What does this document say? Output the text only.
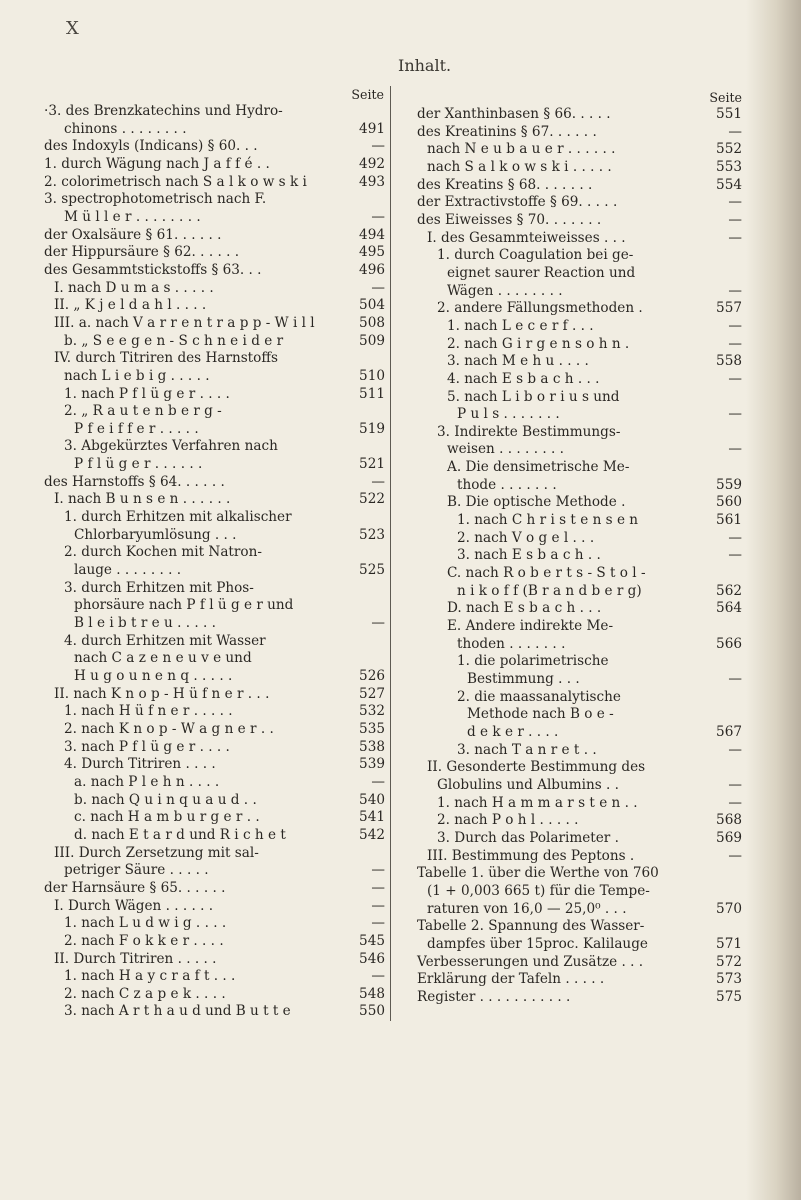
X
Inhalt.
Seite
·3. des Brenzkatechins und Hydro-
chinons . . . . . . . .	491
des Indoxyls (Indicans) § 60. . .	—
1. durch Wägung nach J a f f é . .	492
2. colorimetrisch nach S a l k o w s k i	493
3. spectrophotometrisch nach F.
M ü l l e r . . . . . . . .	—
der Oxalsäure § 61. . . . . .	494
der Hippursäure § 62. . . . . .	495
des Gesammtstickstoffs § 63. . .	496
I. nach D u m a s . . . . .	—
II. „ K j e l d a h l . . . .	504
III. a. nach V a r r e n t r a p p - W i l l	508
b. „ S e e g e n - S c h n e i d e r	509
IV. durch Titriren des Harnstoffs
nach L i e b i g . . . . .	510
1. nach P f l ü g e r . . . .	511
2. „ R a u t e n b e r g -
P f e i f f e r . . . . .	519
3. Abgekürztes Verfahren nach
P f l ü g e r . . . . . .	521
des Harnstoffs § 64. . . . . .	—
I. nach B u n s e n . . . . . .	522
1. durch Erhitzen mit alkalischer
Chlorbaryumlösung . . .	523
2. durch Kochen mit Natron-
lauge . . . . . . . .	525
3. durch Erhitzen mit Phos-
phorsäure nach P f l ü g e r und
B l e i b t r e u . . . . .	—
4. durch Erhitzen mit Wasser
nach C a z e n e u v e und
H u g o u n e n q . . . . .	526
II. nach K n o p - H ü f n e r . . .	527
1. nach H ü f n e r . . . . .	532
2. nach K n o p - W a g n e r . .	535
3. nach P f l ü g e r . . . .	538
4. Durch Titriren . . . .	539
a. nach P l e h n . . . .	—
b. nach Q u i n q u a u d . .	540
c. nach H a m b u r g e r . .	541
d. nach E t a r d und R i c h e t	542
III. Durch Zersetzung mit sal-
petriger Säure . . . . .	—
der Harnsäure § 65. . . . . .	—
I. Durch Wägen . . . . . .	—
1. nach L u d w i g . . . .	—
2. nach F o k k e r . . . .	545
II. Durch Titriren . . . . .	546
1. nach H a y c r a f t . . .	—
2. nach C z a p e k . . . .	548
3. nach A r t h a u d und B u t t e	550
Seite
der Xanthinbasen § 66. . . . .	551
des Kreatinins § 67. . . . . .	—
nach N e u b a u e r . . . . . .	552
nach S a l k o w s k i . . . . .	553
des Kreatins § 68. . . . . . .	554
der Extractivstoffe § 69. . . . .	—
des Eiweisses § 70. . . . . . .	—
I. des Gesammteiweisses . . .	—
1. durch Coagulation bei ge-
eignet saurer Reaction und
Wägen . . . . . . . .	—
2. andere Fällungsmethoden .	557
1. nach L e c e r f . . .	—
2. nach G i r g e n s o h n .	—
3. nach M e h u . . . .	558
4. nach E s b a c h . . .	—
5. nach L i b o r i u s und
P u l s . . . . . . .	—
3. Indirekte Bestimmungs-
weisen . . . . . . . .	—
A. Die densimetrische Me-
thode . . . . . . .	559
B. Die optische Methode .	560
1. nach C h r i s t e n s e n	561
2. nach V o g e l . . .	—
3. nach E s b a c h . .	—
C. nach R o b e r t s - S t o l -
n i k o f f (B r a n d b e r g)	562
D. nach E s b a c h . . .	564
E. Andere indirekte Me-
thoden . . . . . . .	566
1. die polarimetrische
Bestimmung . . .	—
2. die maassanalytische
Methode nach B o e -
d e k e r . . . .	567
3. nach T a n r e t . .	—
II. Gesonderte Bestimmung des
Globulins und Albumins . .	—
1. nach H a m m a r s t e n . .	—
2. nach P o h l . . . . .	568
3. Durch das Polarimeter .	569
III. Bestimmung des Peptons .	—
Tabelle 1. über die Werthe von 760
(1 + 0,003 665 t) für die Tempe-
raturen von 16,0 — 25,0⁰ . . .	570
Tabelle 2. Spannung des Wasser-
dampfes über 15proc. Kalilauge	571
Verbesserungen und Zusätze . . .	572
Erklärung der Tafeln . . . . .	573
Register . . . . . . . . . . .	575
